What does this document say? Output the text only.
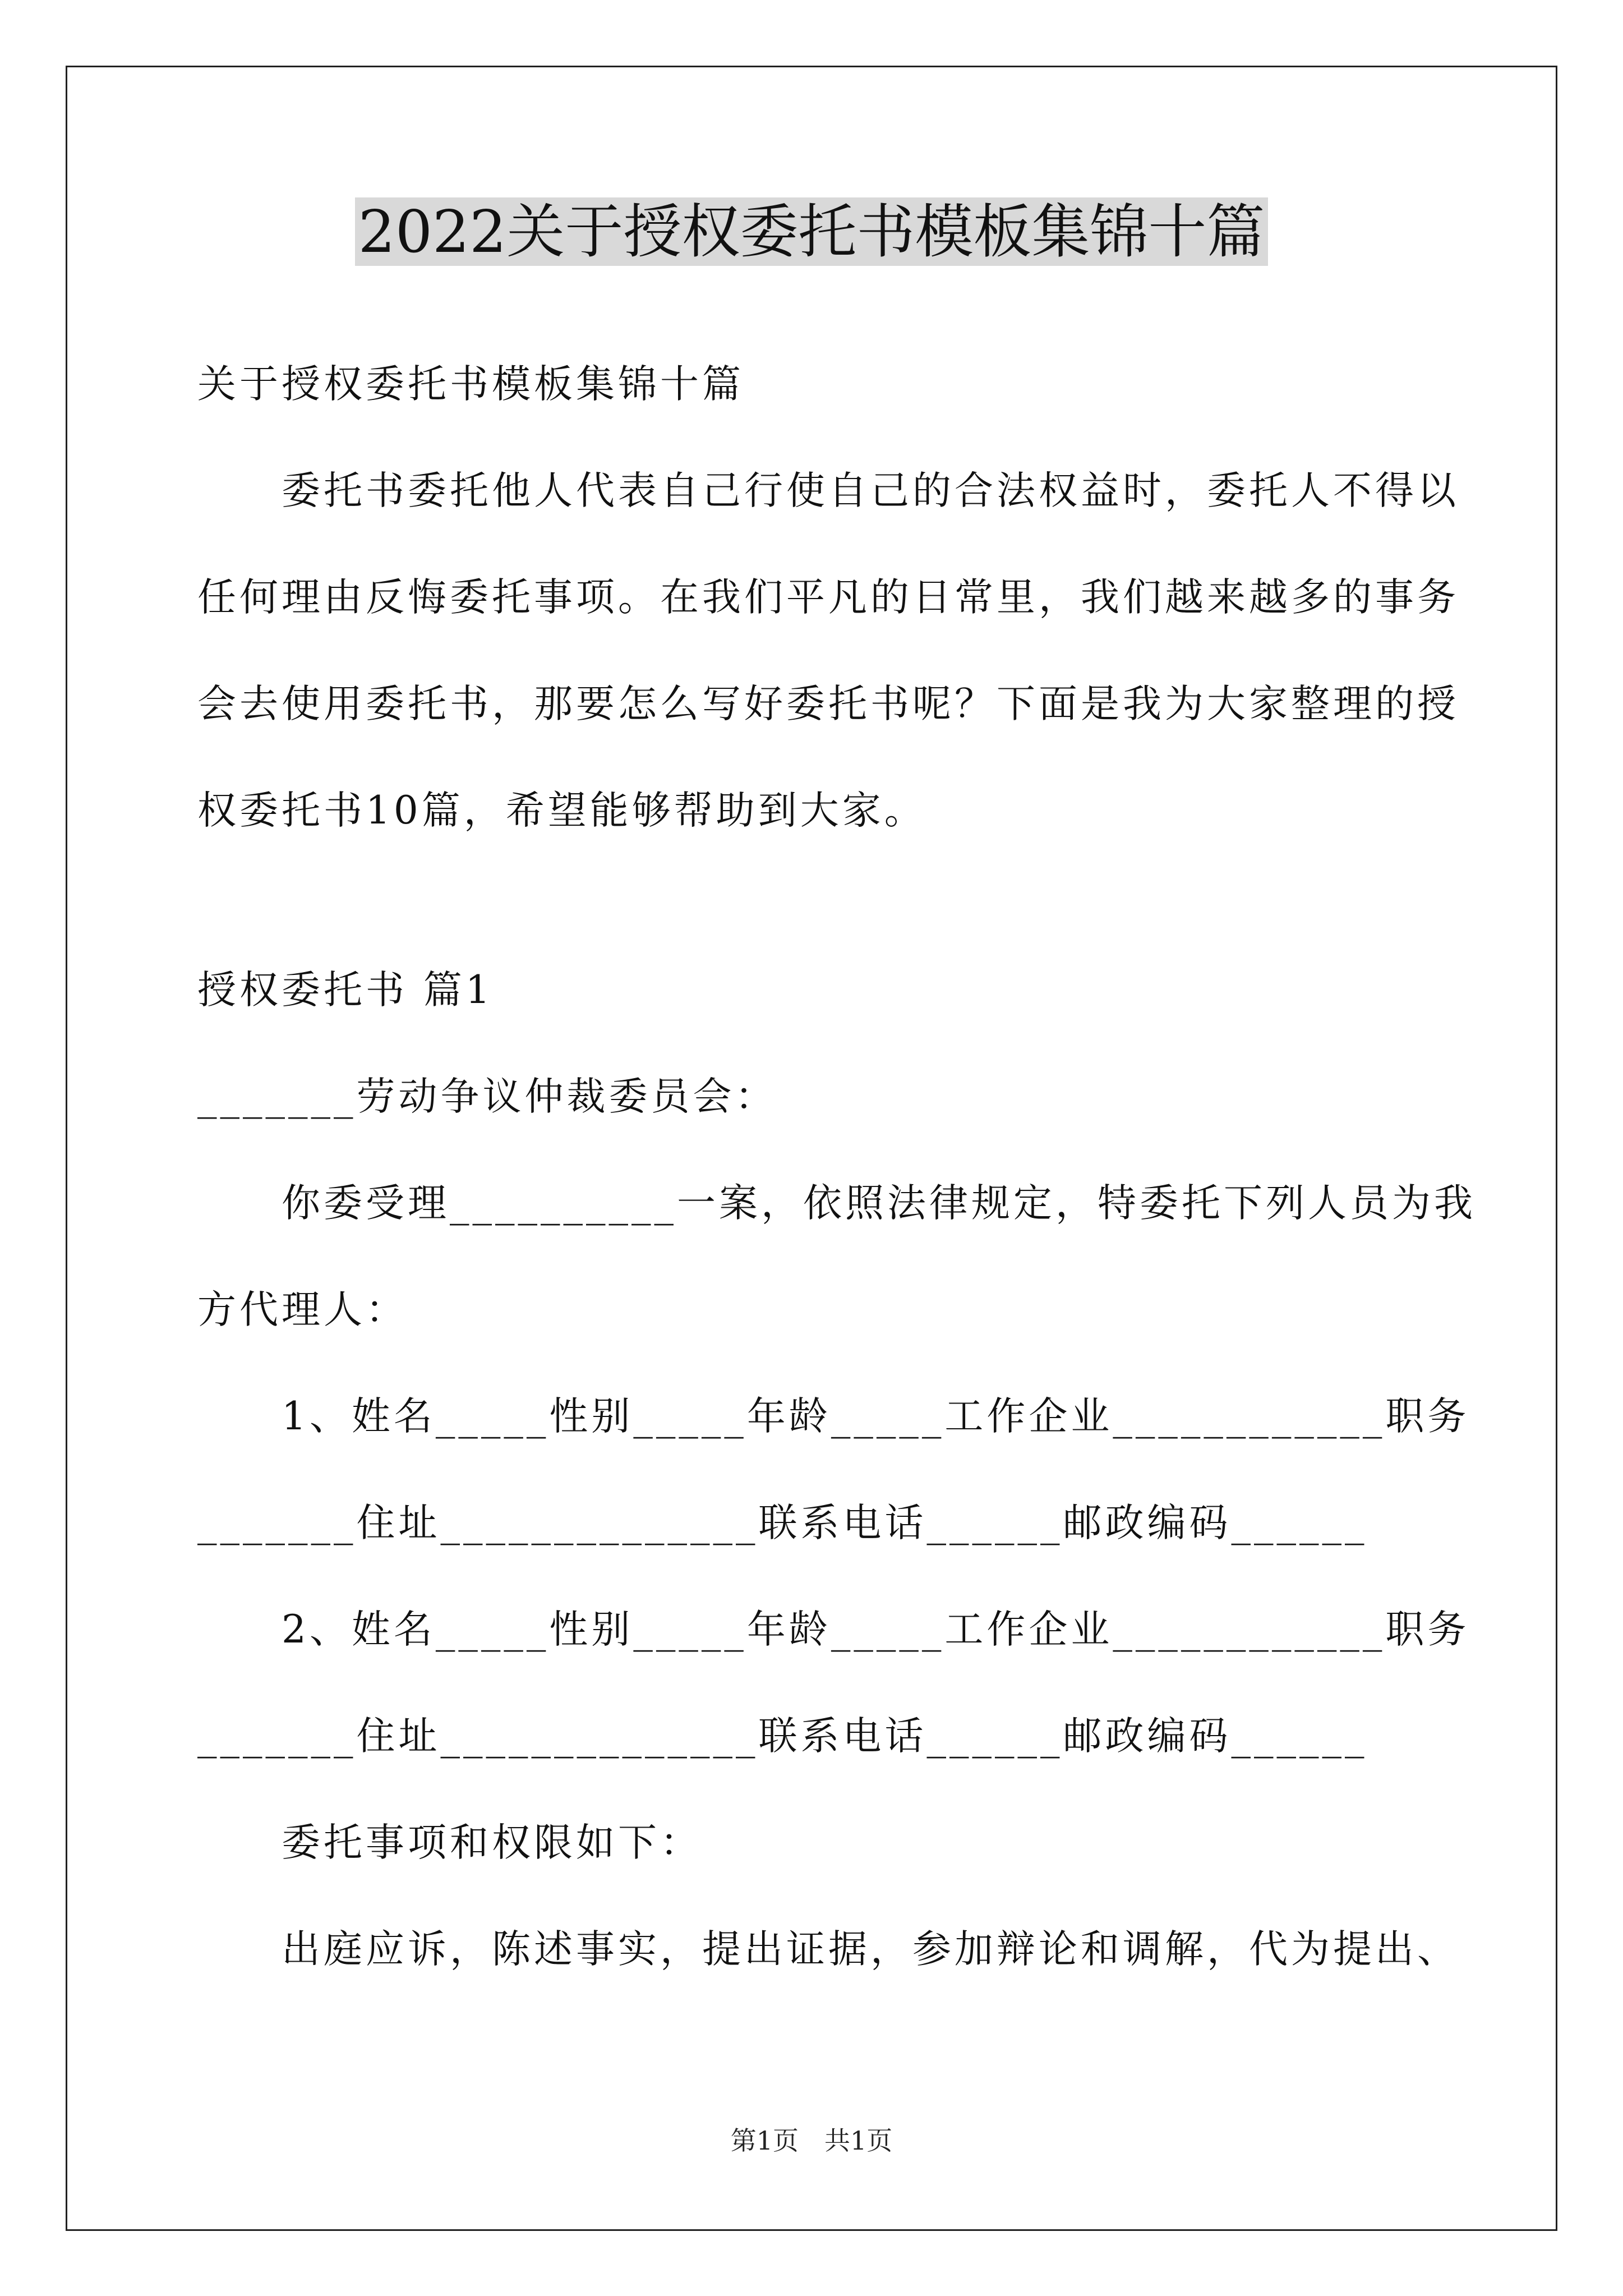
2022关于授权委托书模板集锦十篇
关于授权委托书模板集锦十篇
委托书委托他人代表自己行使自己的合法权益时，委托人不得以
任何理由反悔委托事项。在我们平凡的日常里，我们越来越多的事务
会去使用委托书，那要怎么写好委托书呢？下面是我为大家整理的授
权委托书10篇，希望能够帮助到大家。
授权委托书 篇1
_______劳动争议仲裁委员会：
你委受理__________一案，依照法律规定，特委托下列人员为我
方代理人：
1、姓名_____性别_____年龄_____工作企业____________职务
_______住址______________联系电话______邮政编码______
2、姓名_____性别_____年龄_____工作企业____________职务
_______住址______________联系电话______邮政编码______
委托事项和权限如下：
出庭应诉，陈述事实，提出证据，参加辩论和调解，代为提出、
第1页　共1页
